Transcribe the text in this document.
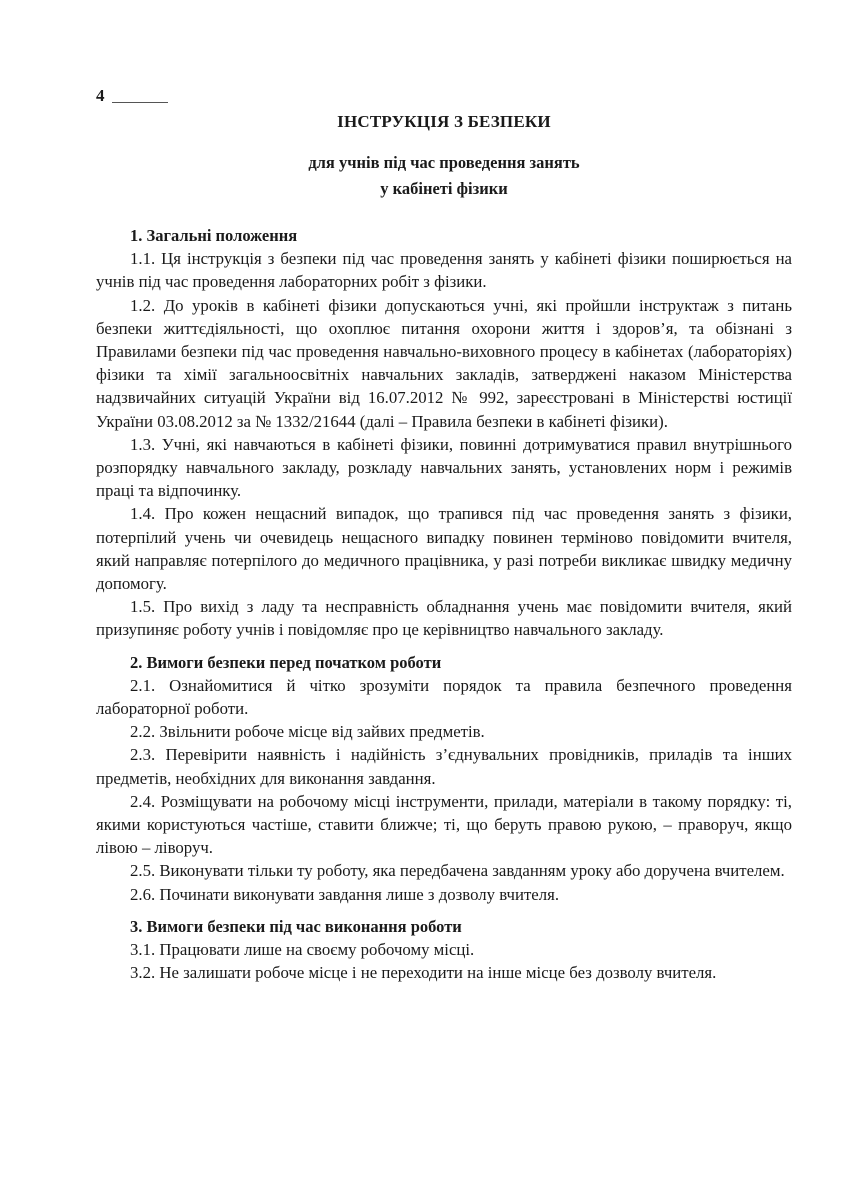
4
ІНСТРУКЦІЯ З БЕЗПЕКИ
для учнів під час проведення занять
у кабінеті фізики
1. Загальні положення

1.1. Ця інструкція з безпеки під час проведення занять у кабінеті фізики поширюється на учнів під час проведення лабораторних робіт з фізики.

1.2. До уроків в кабінеті фізики допускаються учні, які пройшли інструктаж з питань безпеки життєдіяльності, що охоплює питання охорони життя і здоров’я, та обізнані з Правилами безпеки під час проведення навчально-виховного процесу в кабінетах (лабораторіях) фізики та хімії загальноосвітніх навчальних закладів, затверджені наказом Міністерства надзвичайних ситуацій України від 16.07.2012 № 992, зареєстровані в Міністерстві юстиції України 03.08.2012 за № 1332/21644 (далі – Правила безпеки в кабінеті фізики).

1.3. Учні, які навчаються в кабінеті фізики, повинні дотримуватися правил внутрішнього розпорядку навчального закладу, розкладу навчальних занять, установлених норм і режимів праці та відпочинку.

1.4. Про кожен нещасний випадок, що трапився під час проведення занять з фізики, потерпілий учень чи очевидець нещасного випадку повинен терміново повідомити вчителя, який направляє потерпілого до медичного працівника, у разі потреби викликає швидку медичну допомогу.

1.5. Про вихід з ладу та несправність обладнання учень має повідомити вчителя, який призупиняє роботу учнів і повідомляє про це керівництво навчального закладу.

2. Вимоги безпеки перед початком роботи

2.1. Ознайомитися й чітко зрозуміти порядок та правила безпечного проведення лабораторної роботи.

2.2. Звільнити робоче місце від зайвих предметів.

2.3. Перевірити наявність і надійність з’єднувальних провідників, приладів та інших предметів, необхідних для виконання завдання.

2.4. Розміщувати на робочому місці інструменти, прилади, матеріали в такому порядку: ті, якими користуються частіше, ставити ближче; ті, що беруть правою рукою, – праворуч, якщо лівою – ліворуч.

2.5. Виконувати тільки ту роботу, яка передбачена завданням уроку або доручена вчителем.

2.6. Починати виконувати завдання лише з дозволу вчителя.

3. Вимоги безпеки під час виконання роботи

3.1. Працювати лише на своєму робочому місці.

3.2. Не залишати робоче місце і не переходити на інше місце без дозволу вчителя.
